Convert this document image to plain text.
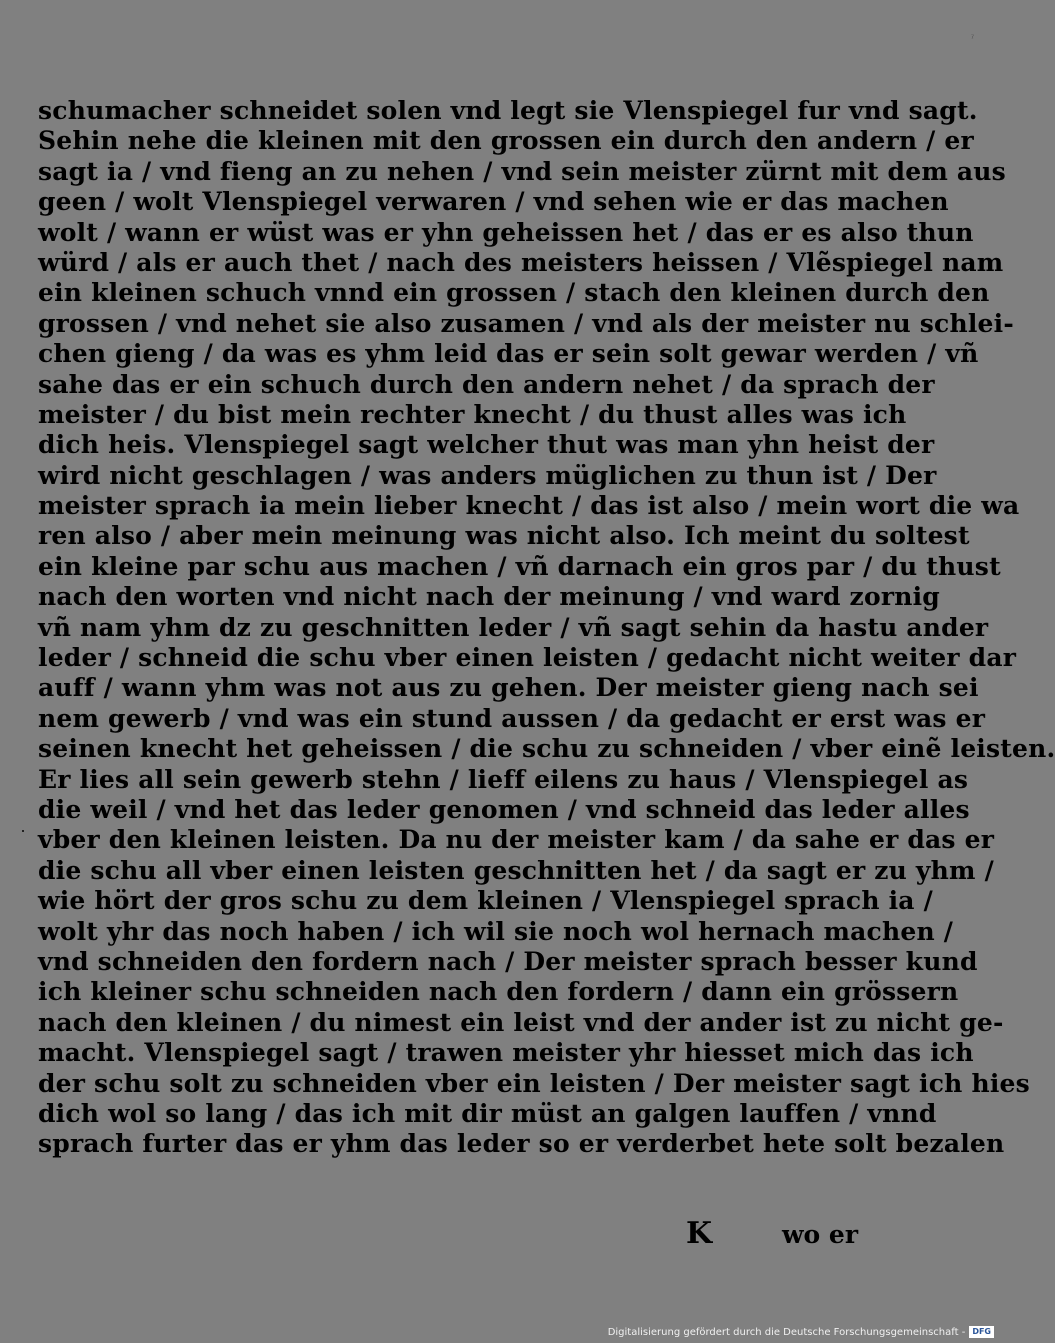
ˀ
schumacher schneidet solen vnd legt sie Vlenspiegel fur vnd sagt.
Sehin nehe die kleinen mit den grossen ein durch den andern / er
sagt ia / vnd fieng an zu nehen / vnd sein meister zürnt mit dem aus
geen / wolt Vlenspiegel verwaren / vnd sehen wie er das machen
wolt / wann er wüst was er yhn geheissen het / das er es also thun
würd / als er auch thet / nach des meisters heissen / Vlẽspiegel nam
ein kleinen schuch vnnd ein grossen / stach den kleinen durch den
grossen / vnd nehet sie also zusamen / vnd als der meister nu schlei-
chen gieng / da was es yhm leid das er sein solt gewar werden / vñ
sahe das er ein schuch durch den andern nehet / da sprach der
meister / du bist mein rechter knecht / du thust alles was ich
dich heis. Vlenspiegel sagt welcher thut was man yhn heist der
wird nicht geschlagen / was anders müglichen zu thun ist / Der
meister sprach ia mein lieber knecht / das ist also / mein wort die wa
ren also / aber mein meinung was nicht also. Ich meint du soltest
ein kleine par schu aus machen / vñ darnach ein gros par / du thust
nach den worten vnd nicht nach der meinung / vnd ward zornig
vñ nam yhm dz zu geschnitten leder / vñ sagt sehin da hastu ander
leder / schneid die schu vber einen leisten / gedacht nicht weiter dar
auff / wann yhm was not aus zu gehen. Der meister gieng nach sei
nem gewerb / vnd was ein stund aussen / da gedacht er erst was er
seinen knecht het geheissen / die schu zu schneiden / vber einẽ leisten.
Er lies all sein gewerb stehn / lieff eilens zu haus / Vlenspiegel as
die weil / vnd het das leder genomen / vnd schneid das leder alles
vber den kleinen leisten. Da nu der meister kam / da sahe er das er
die schu all vber einen leisten geschnitten het / da sagt er zu yhm /
wie hört der gros schu zu dem kleinen / Vlenspiegel sprach ia /
wolt yhr das noch haben / ich wil sie noch wol hernach machen /
vnd schneiden den fordern nach / Der meister sprach besser kund
ich kleiner schu schneiden nach den fordern / dann ein grössern
nach den kleinen / du nimest ein leist vnd der ander ist zu nicht ge-
macht. Vlenspiegel sagt / trawen meister yhr hiesset mich das ich
der schu solt zu schneiden vber ein leisten / Der meister sagt ich hies
dich wol so lang / das ich mit dir müst an galgen lauffen / vnnd
sprach furter das er yhm das leder so er verderbet hete solt bezalen
K	wo er
Digitalisierung gefördert durch die Deutsche Forschungsgemeinschaft - DFG
